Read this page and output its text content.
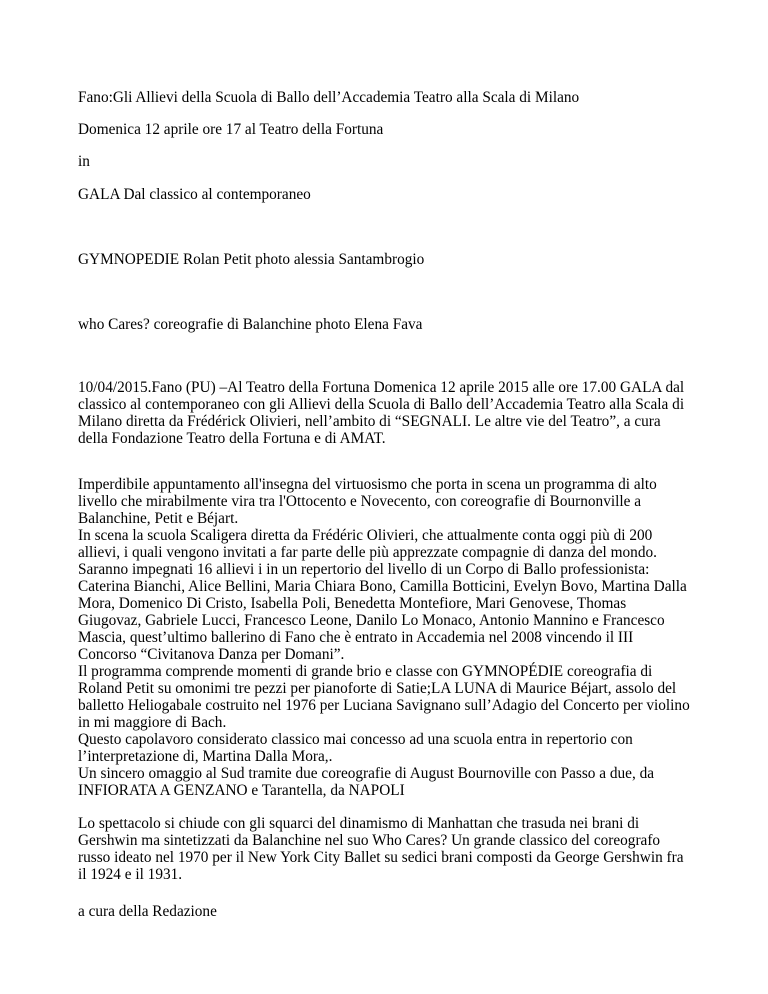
Fano:Gli Allievi della Scuola di Ballo dell’Accademia Teatro alla Scala di Milano
Domenica 12 aprile ore 17 al Teatro della Fortuna
in
GALA Dal classico al contemporaneo
GYMNOPEDIE Rolan Petit photo alessia Santambrogio
who Cares? coreografie di Balanchine photo Elena Fava
10/04/2015.Fano (PU) –Al Teatro della Fortuna Domenica 12 aprile 2015 alle ore 17.00 GALA dal
classico al contemporaneo con gli Allievi della Scuola di Ballo dell’Accademia Teatro alla Scala di
Milano diretta da Frédérick Olivieri, nell’ambito di “SEGNALI. Le altre vie del Teatro”, a cura
della Fondazione Teatro della Fortuna e di AMAT.
Imperdibile appuntamento all'insegna del virtuosismo che porta in scena un programma di alto
livello che mirabilmente vira tra l'Ottocento e Novecento, con coreografie di Bournonville a
Balanchine, Petit e Béjart.
In scena la scuola Scaligera diretta da Frédéric Olivieri, che attualmente conta oggi più di 200
allievi, i quali vengono invitati a far parte delle più apprezzate compagnie di danza del mondo.
Saranno impegnati 16 allievi i in un repertorio del livello di un Corpo di Ballo professionista:
Caterina Bianchi, Alice Bellini, Maria Chiara Bono, Camilla Botticini, Evelyn Bovo, Martina Dalla
Mora, Domenico Di Cristo, Isabella Poli, Benedetta Montefiore, Mari Genovese, Thomas
Giugovaz, Gabriele Lucci, Francesco Leone, Danilo Lo Monaco, Antonio Mannino e Francesco
Mascia, quest’ultimo ballerino di Fano che è entrato in Accademia nel 2008 vincendo il III
Concorso “Civitanova Danza per Domani”.
Il programma comprende momenti di grande brio e classe con GYMNOPÉDIE coreografia di
Roland Petit su omonimi tre pezzi per pianoforte di Satie;LA LUNA di Maurice Béjart, assolo del
balletto Heliogabale costruito nel 1976 per Luciana Savignano sull’Adagio del Concerto per violino
in mi maggiore di Bach.
Questo capolavoro considerato classico mai concesso ad una scuola entra in repertorio con
l’interpretazione di, Martina Dalla Mora,.
Un sincero omaggio al Sud tramite due coreografie di August Bournoville con Passo a due, da
INFIORATA A GENZANO e Tarantella, da NAPOLI
Lo spettacolo si chiude con gli squarci del dinamismo di Manhattan che trasuda nei brani di
Gershwin ma sintetizzati da Balanchine nel suo Who Cares? Un grande classico del coreografo
russo ideato nel 1970 per il New York City Ballet su sedici brani composti da George Gershwin fra
il 1924 e il 1931.
a cura della Redazione
